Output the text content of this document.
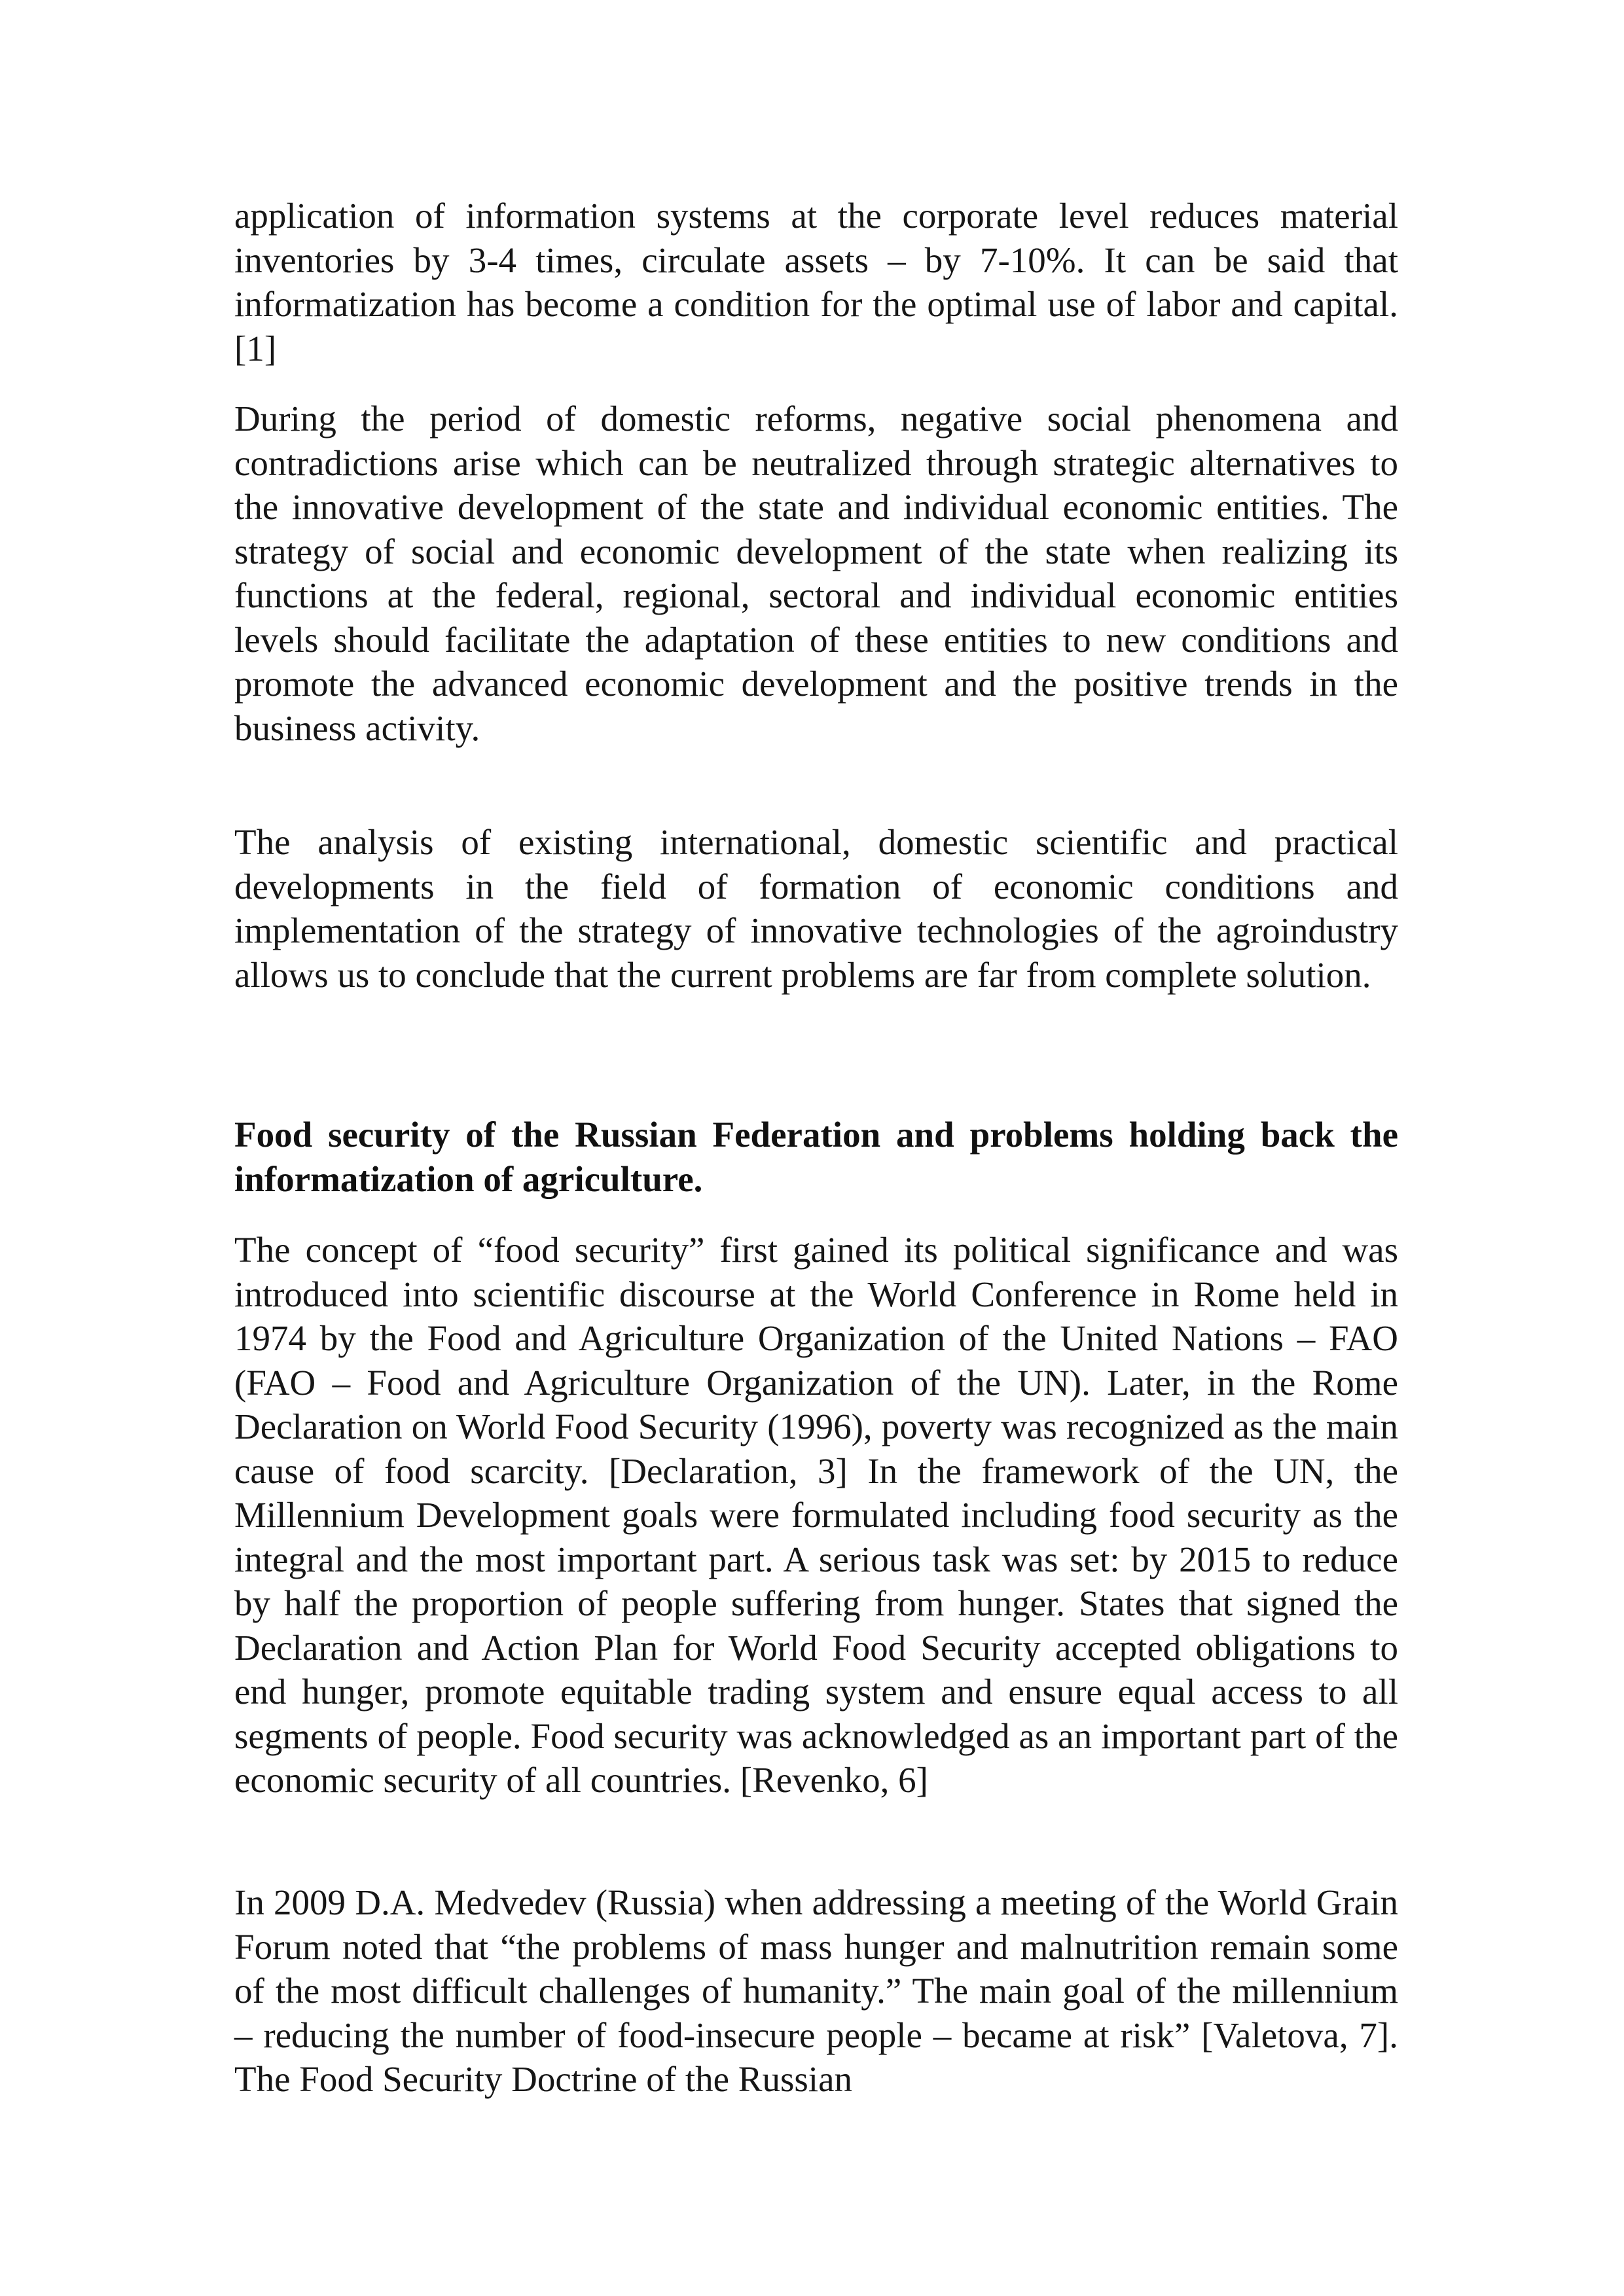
application of information systems at the corporate level reduces material inventories by 3-4 times, circulate assets – by 7-10%. It can be said that informatization has become a condition for the optimal use of labor and capital. [1]

During the period of domestic reforms, negative social phenomena and contradictions arise which can be neutralized through strategic alternatives to the innovative development of the state and individual economic entities. The strategy of social and economic development of the state when realizing its functions at the federal, regional, sectoral and individual economic entities levels should facilitate the adaptation of these entities to new conditions and promote the advanced economic development and the positive trends in the business activity.

The analysis of existing international, domestic scientific and practical developments in the field of formation of economic conditions and implementation of the strategy of innovative technologies of the agroindustry allows us to conclude that the current problems are far from complete solution.

Food security of the Russian Federation and problems holding back the informatization of agriculture.

The concept of “food security” first gained its political significance and was introduced into scientific discourse at the World Conference in Rome held in 1974 by the Food and Agriculture Organization of the United Nations – FAO (FAO – Food and Agriculture Organization of the UN). Later, in the Rome Declaration on World Food Security (1996), poverty was recognized as the main cause of food scarcity. [Declaration, 3] In the framework of the UN, the Millennium Development goals were formulated including food security as the integral and the most important part. A serious task was set: by 2015 to reduce by half the proportion of people suffering from hunger. States that signed the Declaration and Action Plan for World Food Security accepted obligations to end hunger, promote equitable trading system and ensure equal access to all segments of people. Food security was acknowledged as an important part of the economic security of all countries. [Revenko, 6]

In 2009 D.A. Medvedev (Russia) when addressing a meeting of the World Grain Forum noted that “the problems of mass hunger and malnutrition remain some of the most difficult challenges of humanity.” The main goal of the millennium – reducing the number of food-insecure people – became at risk” [Valetova, 7]. The Food Security Doctrine of the Russian
